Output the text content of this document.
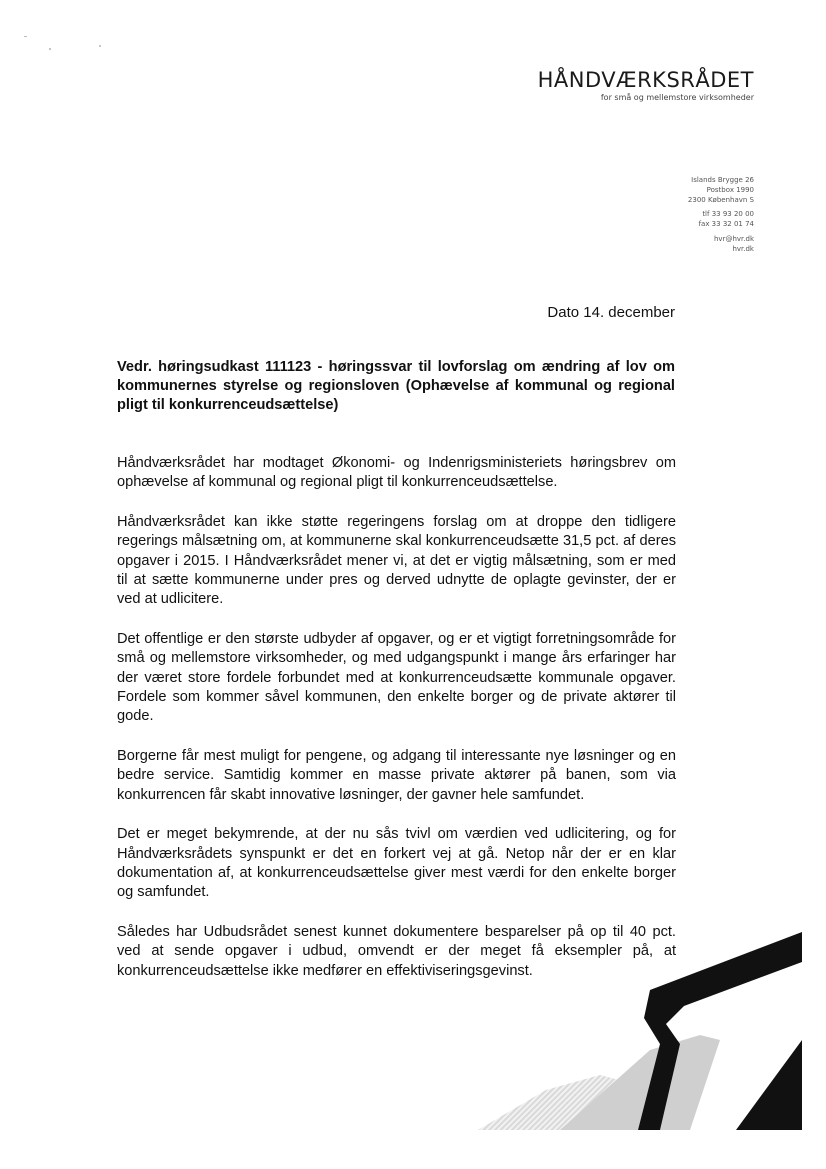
HÅNDVÆRKSRÅDET
for små og mellemstore virksomheder
Islands Brygge 26
Postbox 1990
2300 København S
tlf 33 93 20 00
fax 33 32 01 74
hvr@hvr.dk
hvr.dk
Dato 14. december
Vedr. høringsudkast 111123 - høringssvar til lovforslag om ændring af lov om kommunernes styrelse og regionsloven (Ophævelse af kommunal og regional pligt til konkurrenceudsættelse)

Håndværksrådet har modtaget Økonomi- og Indenrigsministeriets høringsbrev om ophævelse af kommunal og regional pligt til konkurrenceudsættelse.

Håndværksrådet kan ikke støtte regeringens forslag om at droppe den tidligere regerings målsætning om, at kommunerne skal konkurrenceudsætte 31,5 pct. af deres opgaver i 2015. I Håndværksrådet mener vi, at det er vigtig målsætning, som er med til at sætte kommunerne under pres og derved udnytte de oplagte gevinster, der er ved at udlicitere.

Det offentlige er den største udbyder af opgaver, og er et vigtigt forretningsområde for små og mellemstore virksomheder, og med udgangspunkt i mange års erfaringer har der været store fordele forbundet med at konkurrenceudsætte kommunale opgaver. Fordele som kommer såvel kommunen, den enkelte borger og de private aktører til gode.

Borgerne får mest muligt for pengene, og adgang til interessante nye løsninger og en bedre service. Samtidig kommer en masse private aktører på banen, som via konkurrencen får skabt innovative løsninger, der gavner hele samfundet.

Det er meget bekymrende, at der nu sås tvivl om værdien ved udlicitering, og for Håndværksrådets synspunkt er det en forkert vej at gå. Netop når der er en klar dokumentation af, at konkurrenceudsættelse giver mest værdi for den enkelte borger og samfundet.

Således har Udbudsrådet senest kunnet dokumentere besparelser på op til 40 pct. ved at sende opgaver i udbud, omvendt er der meget få eksempler på, at konkurrenceudsættelse ikke medfører en effektiviseringsgevinst.
